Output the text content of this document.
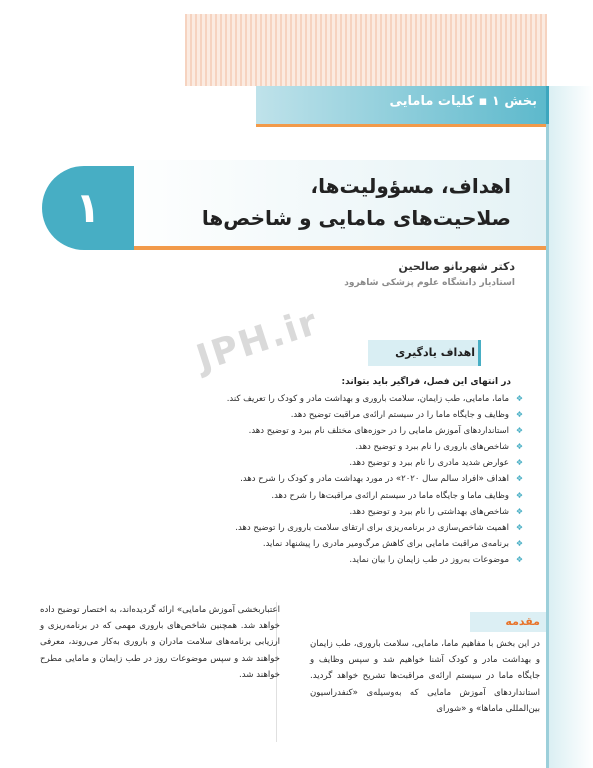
بخش ۱ ▪ کلیات مامایی
۱	اهداف، مسؤولیت‌ها،
صلاحیت‌های مامایی و شاخص‌ها
دکتر شهربانو صالحین
استادیار دانشگاه علوم پزشکی شاهرود
JPH.ir	اهداف یادگیری
در انتهای این فصل، فراگیر باید بتواند:
❖
ماما، مامایی، طب زایمان، سلامت باروری و بهداشت مادر و کودک را تعریف کند.
❖
وظایف و جایگاه ماما را در سیستم ارائه‌ی مراقبت توضیح دهد.
❖
استانداردهای آموزش مامایی را در حوزه‌های مختلف نام ببرد و توضیح دهد.
❖
شاخص‌های باروری را نام ببرد و توضیح دهد.
❖
عوارض شدید مادری را نام ببرد و توضیح دهد.
❖
اهداف «افراد سالم سال ۲۰۲۰» در مورد بهداشت مادر و کودک را شرح دهد.
❖
وظایف ماما و جایگاه ماما در سیستم ارائه‌ی مراقبت‌ها را شرح دهد.
❖
شاخص‌های بهداشتی را نام ببرد و توضیح دهد.
❖
اهمیت شاخص‌سازی در برنامه‌ریزی برای ارتقای سلامت باروری را توضیح دهد.
❖
برنامه‌ی مراقبت مامایی برای کاهش مرگ‌ومیر مادری را پیشنهاد نماید.
❖
موضوعات به‌روز در طب زایمان را بیان نماید.
مقدمه
در این بخش با مفاهیم ماما، مامایی، سلامت باروری، طب زایمان و بهداشت مادر و کودک آشنا خواهیم شد و سپس وظایف و جایگاه ماما در سیستم ارائه‌ی مراقبت‌ها تشریح خواهد گردید. استانداردهای آموزش مامایی که به‌وسیله‌ی «کنفدراسیون بین‌المللی ماماها» و «شورای
اعتباربخشی آموزش مامایی» ارائه گردیده‌اند، به اختصار توضیح داده خواهد شد. همچنین شاخص‌های باروری مهمی که در برنامه‌ریزی و ارزیابی برنامه‌های سلامت مادران و باروری به‌کار می‌روند، معرفی خواهند شد و سپس موضوعات روز در طب زایمان و مامایی مطرح خواهند شد.
